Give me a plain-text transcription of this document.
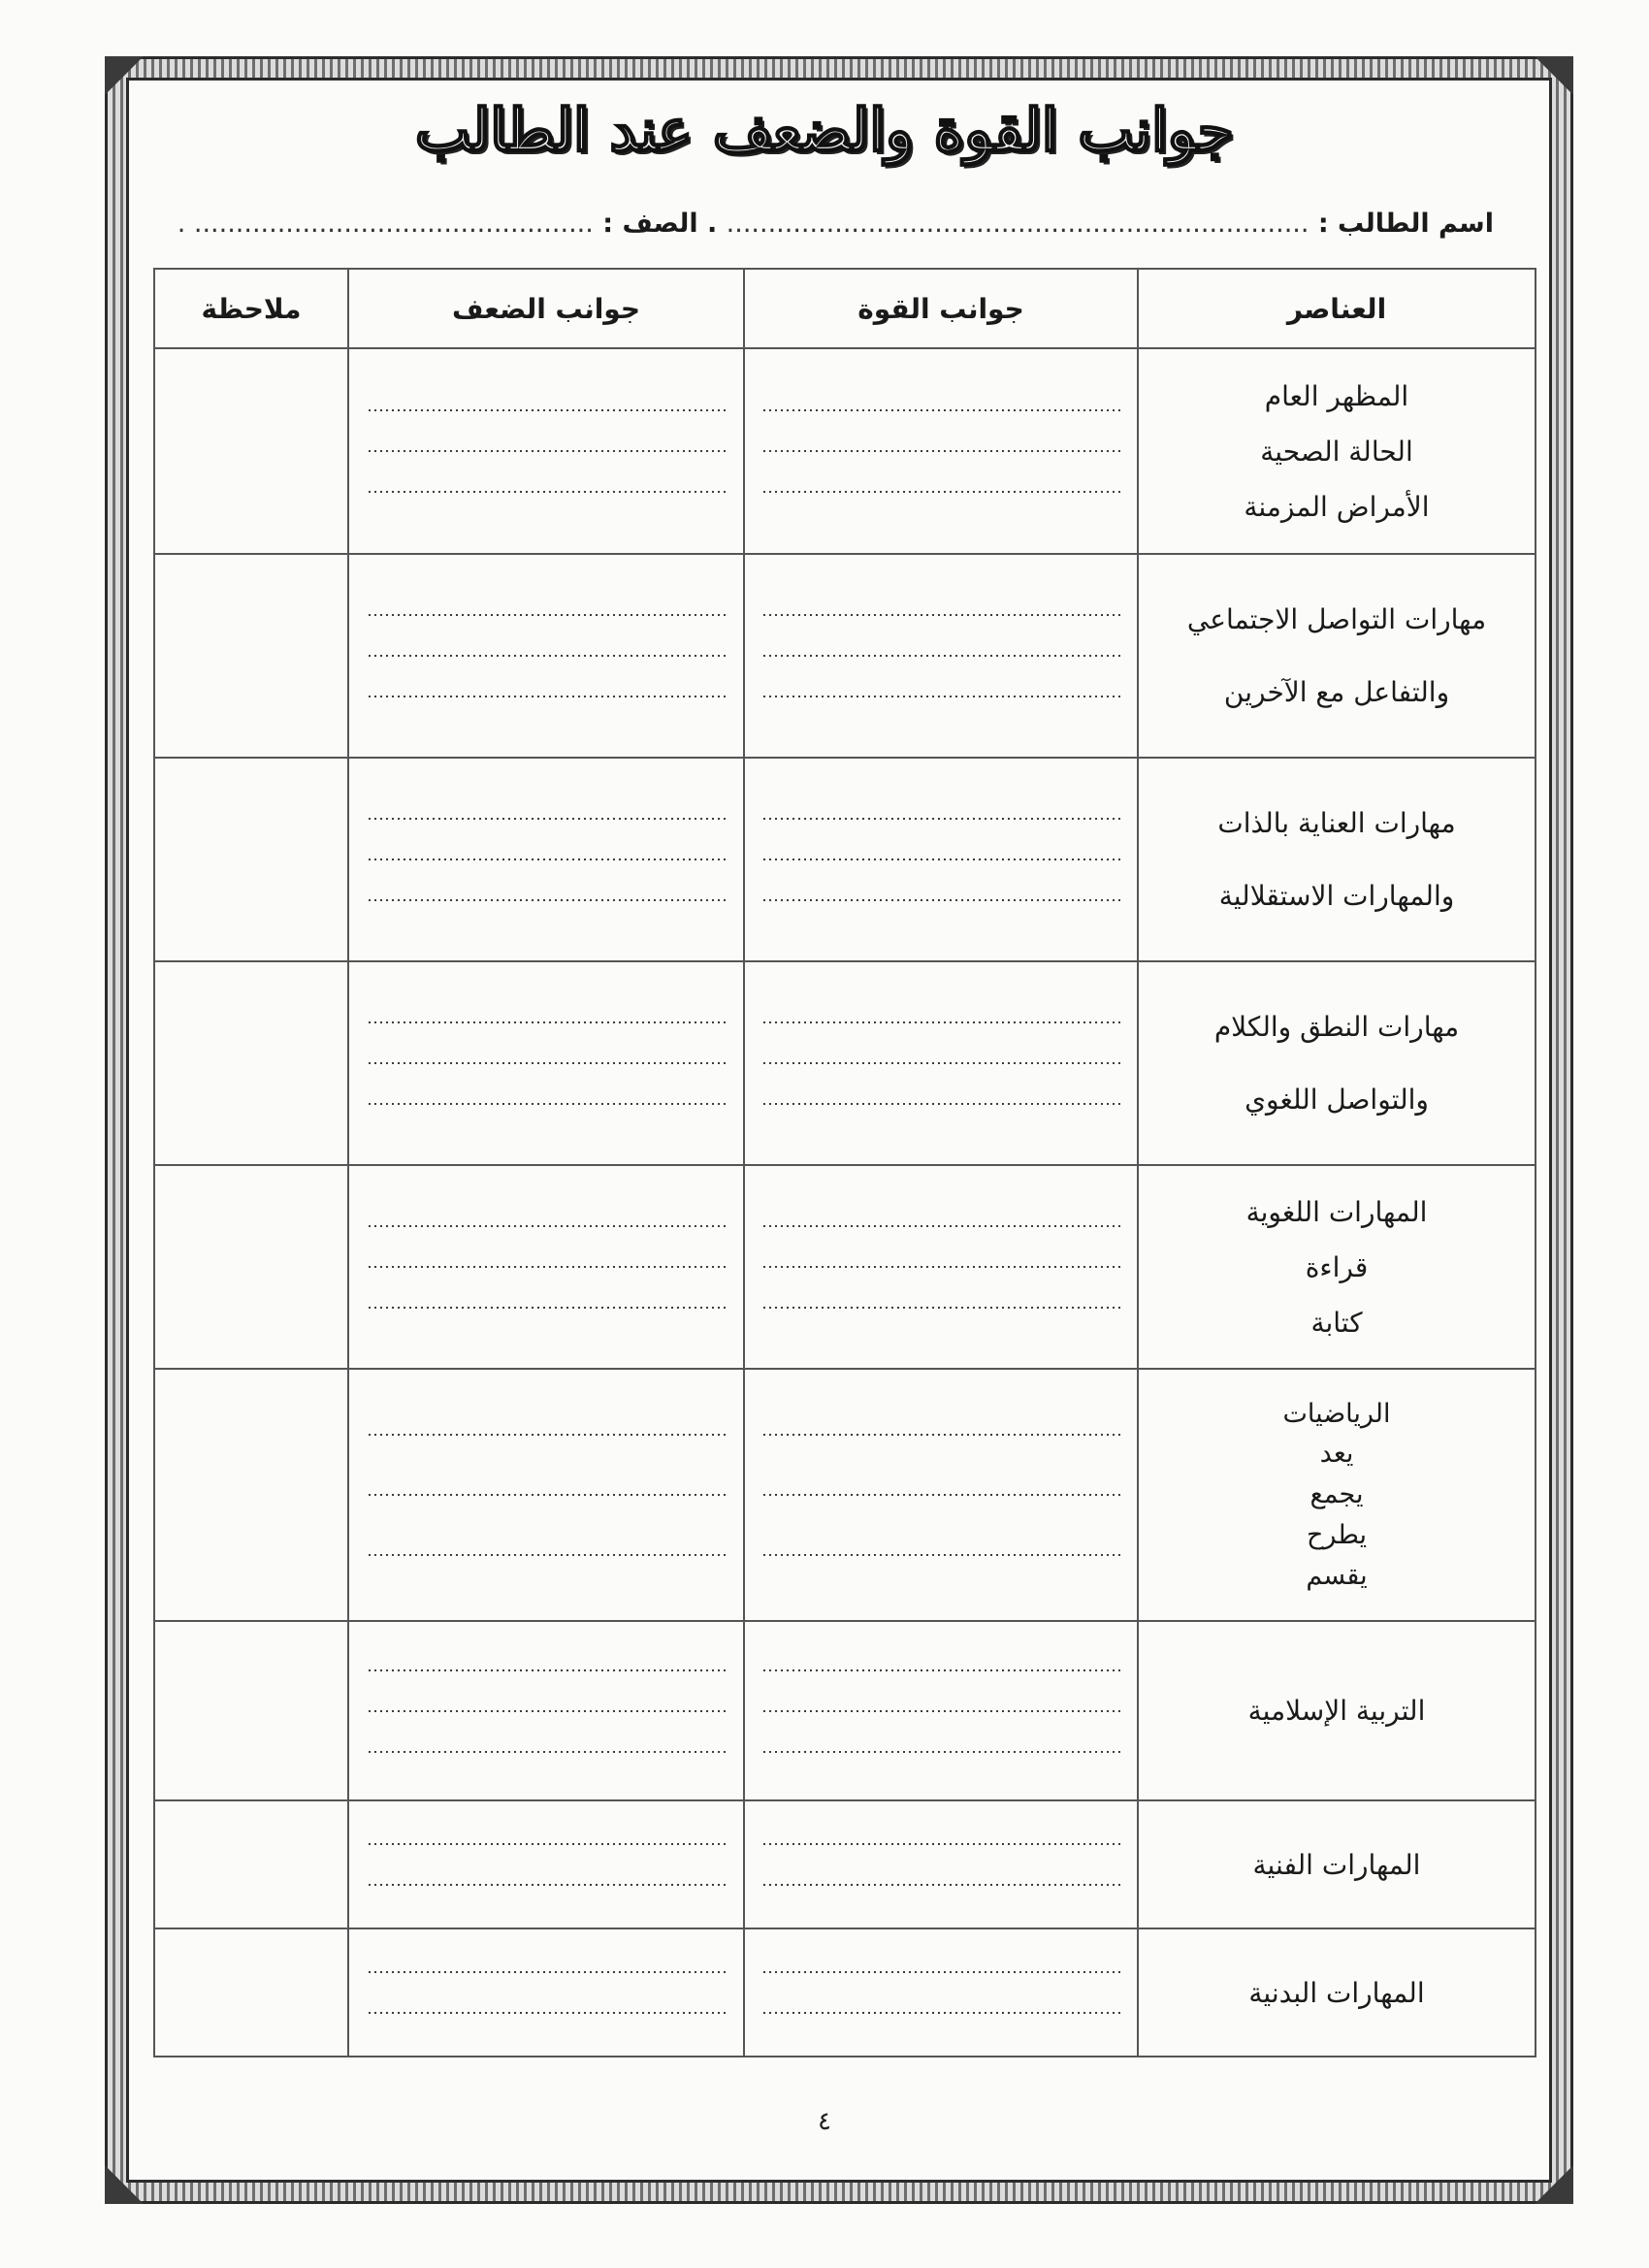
جوانب القوة والضعف عند الطالب
اسم الطالب : ...................................................................... . الصف : ................................................ .
العناصر	جوانب القوة	جوانب الضعف	ملاحظة

المظهر العام
الحالة الصحية
الأمراض المزمنة			

مهارات التواصل الاجتماعي
والتفاعل مع الآخرين			

مهارات العناية بالذات
والمهارات الاستقلالية			

مهارات النطق والكلام
والتواصل اللغوي			

المهارات اللغوية
قراءة
كتابة			

الرياضيات
يعد
يجمع
يطرح
يقسم			

التربية الإسلامية			

المهارات الفنية			

المهارات البدنية			

٤
